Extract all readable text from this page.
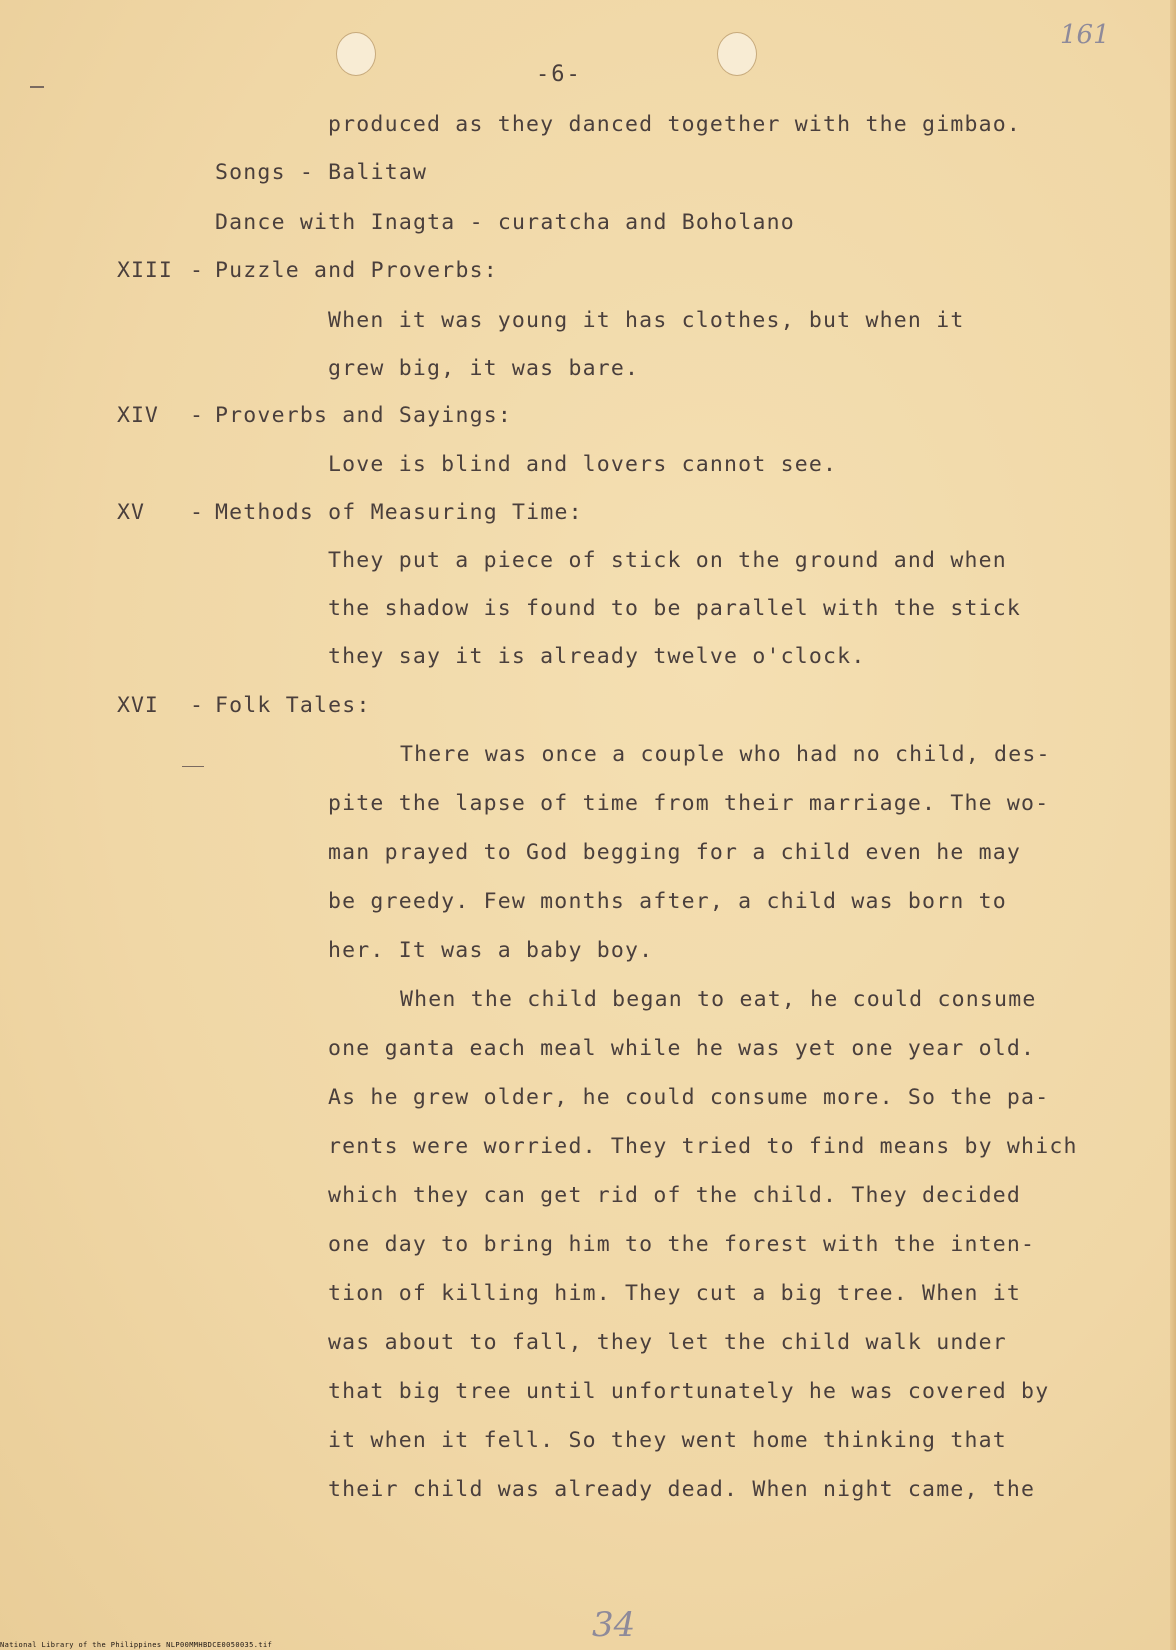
161
-6-
produced as they danced together with the gimbao.
Songs - Balitaw
Dance with Inagta - curatcha and Boholano
XIII - Puzzle and Proverbs:
When it was young it has clothes, but when it
grew big, it was bare.
XIV - Proverbs and Sayings:
Love is blind and lovers cannot see.
XV - Methods of Measuring Time:
They put a piece of stick on the ground and when
the shadow is found to be parallel with the stick
they say it is already twelve o'clock.
XVI - Folk Tales:
There was once a couple who had no child, des-
pite the lapse of time from their marriage. The wo-
man prayed to God begging for a child even he may
be greedy. Few months after, a child was born to
her. It was a baby boy.
When the child began to eat, he could consume
one ganta each meal while he was yet one year old.
As he grew older, he could consume more. So the pa-
rents were worried. They tried to find means by which
which they can get rid of the child. They decided
one day to bring him to the forest with the inten-
tion of killing him. They cut a big tree. When it
was about to fall, they let the child walk under
that big tree until unfortunately he was covered by
it when it fell. So they went home thinking that
their child was already dead. When night came, the
34
National Library of the Philippines NLP00MMHBDCE0050035.tif
